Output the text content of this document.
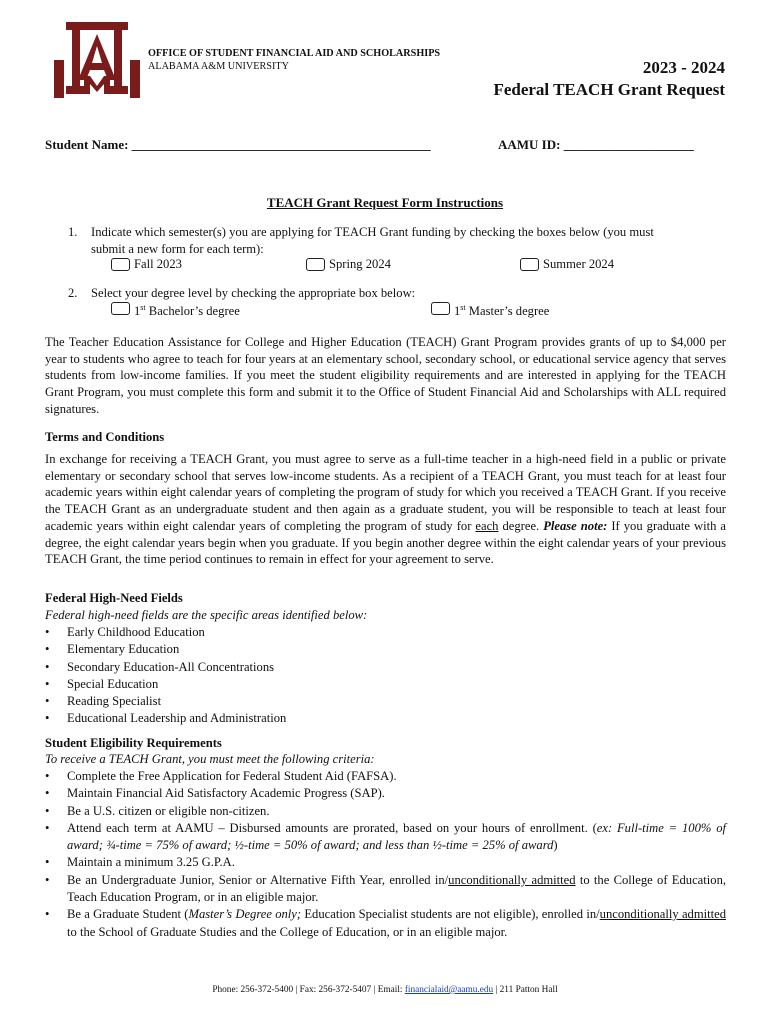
OFFICE OF STUDENT FINANCIAL AID AND SCHOLARSHIPS
ALABAMA A&M UNIVERSITY	2023 - 2024
Federal TEACH Grant Request
Student Name: ______________________________________________	AAMU ID: ____________________
TEACH Grant Request Form Instructions
1. Indicate which semester(s) you are applying for TEACH Grant funding by checking the boxes below (you must
submit a new form for each term):
Fall 2023	Spring 2024	Summer 2024
2. Select your degree level by checking the appropriate box below:
1st Bachelor’s degree	1st Master’s degree
The Teacher Education Assistance for College and Higher Education (TEACH) Grant Program provides grants of up to $4,000 per year to students who agree to teach for four years at an elementary school, secondary school, or educational service agency that serves students from low-income families. If you meet the student eligibility requirements and are interested in applying for the TEACH Grant Program, you must complete this form and submit it to the Office of Student Financial Aid and Scholarships with ALL required signatures.
Terms and Conditions
In exchange for receiving a TEACH Grant, you must agree to serve as a full-time teacher in a high-need field in a public or private elementary or secondary school that serves low-income students. As a recipient of a TEACH Grant, you must teach for at least four academic years within eight calendar years of completing the program of study for which you received a TEACH Grant. If you receive the TEACH Grant as an undergraduate student and then again as a graduate student, you will be responsible to teach at least four academic years within eight calendar years of completing the program of study for each degree. Please note: If you graduate with a degree, the eight calendar years begin when you graduate. If you begin another degree within the eight calendar years of your previous TEACH Grant, the time period continues to remain in effect for your agreement to serve.
Federal High-Need Fields
Federal high-need fields are the specific areas identified below:
• Early Childhood Education
• Elementary Education
• Secondary Education-All Concentrations
• Special Education
• Reading Specialist
• Educational Leadership and Administration
Student Eligibility Requirements
To receive a TEACH Grant, you must meet the following criteria:
• Complete the Free Application for Federal Student Aid (FAFSA).
• Maintain Financial Aid Satisfactory Academic Progress (SAP).
• Be a U.S. citizen or eligible non-citizen.
• Attend each term at AAMU – Disbursed amounts are prorated, based on your hours of enrollment. (ex: Full-time = 100% of award; ¾-time = 75% of award; ½-time = 50% of award; and less than ½-time = 25% of award)
• Maintain a minimum 3.25 G.P.A.
• Be an Undergraduate Junior, Senior or Alternative Fifth Year, enrolled in/unconditionally admitted to the College of Education, Teach Education Program, or in an eligible major.
• Be a Graduate Student (Master’s Degree only; Education Specialist students are not eligible), enrolled in/unconditionally admitted to the School of Graduate Studies and the College of Education, or in an eligible major.
Phone: 256-372-5400 | Fax: 256-372-5407 | Email: financialaid@aamu.edu | 211 Patton Hall
